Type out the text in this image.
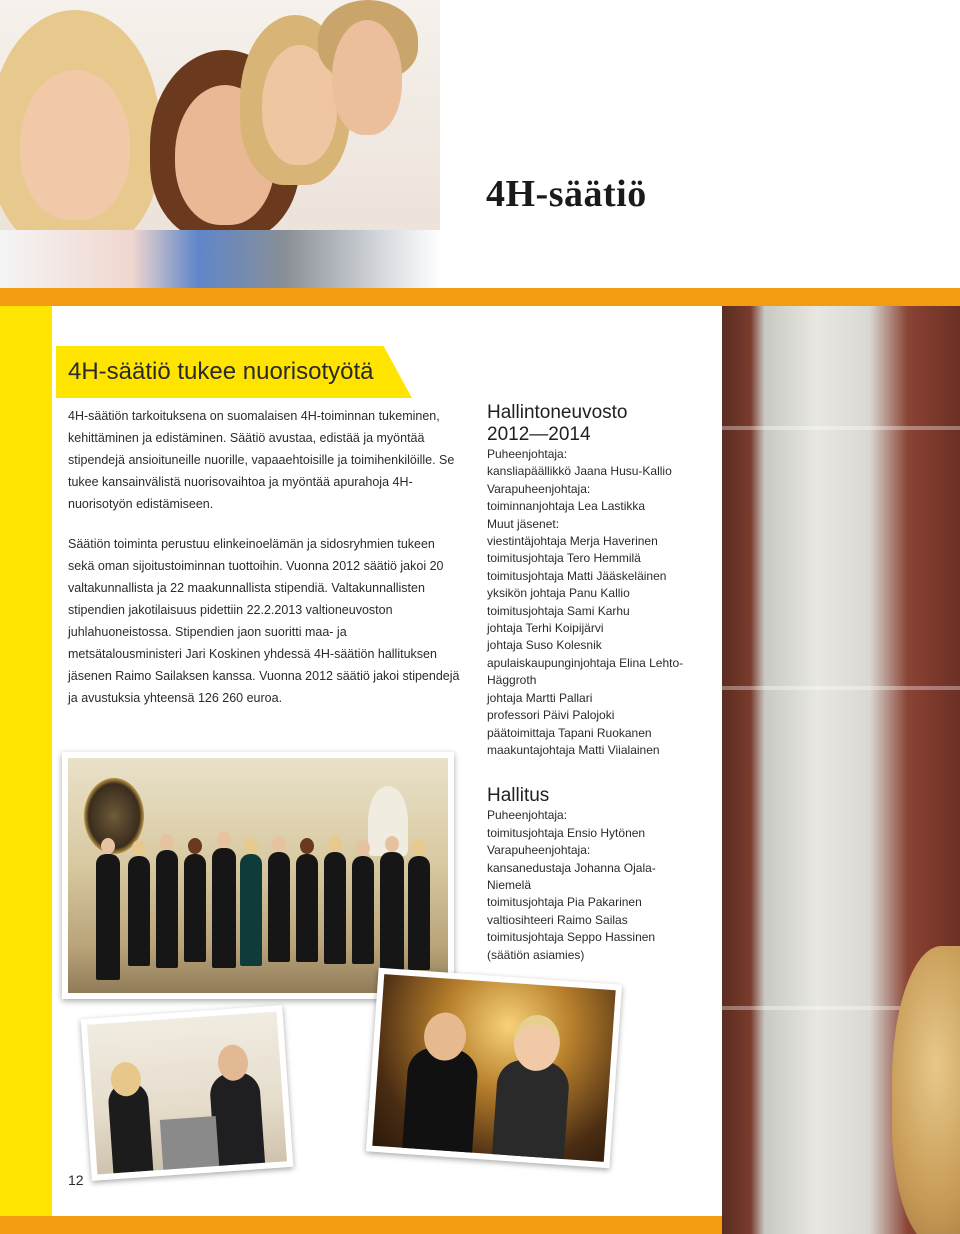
4H-säätiö
4H-säätiö tukee nuorisotyötä

4H-säätiön tarkoituksena on suomalaisen 4H-toiminnan tukeminen, kehittäminen ja edistäminen. Säätiö avustaa, edistää ja myöntää stipendejä ansioituneille nuorille, vapaaehtoisille ja toimihenkilöille. Se tukee kansainvälistä nuorisovaihtoa ja myöntää apurahoja 4H-nuorisotyön edistämiseen.

Säätiön toiminta perustuu elinkeinoelämän ja sidosryhmien tukeen sekä oman sijoitustoiminnan tuottoihin. Vuonna 2012 säätiö jakoi 20 valtakunnallista ja 22 maakunnallista stipendiä. Valtakunnallisten stipendien jakotilaisuus pidettiin 22.2.2013 valtioneuvoston juhlahuoneistossa. Stipendien jaon suoritti maa- ja metsätalousministeri Jari Koskinen yhdessä 4H-säätiön hallituksen jäsenen Raimo Sailaksen kanssa. Vuonna 2012 säätiö jakoi stipendejä ja avustuksia yhteensä 126 260 euroa.

Hallintoneuvosto
2012—2014
Puheenjohtaja:
kansliapäällikkö Jaana Husu-Kallio
Varapuheenjohtaja:
toiminnanjohtaja Lea Lastikka
Muut jäsenet:
viestintäjohtaja Merja Haverinen
toimitusjohtaja Tero Hemmilä
toimitusjohtaja Matti Jääskeläinen
yksikön johtaja Panu Kallio
toimitusjohtaja Sami Karhu
johtaja Terhi Koipijärvi
johtaja Suso Kolesnik
apulaiskaupunginjohtaja Elina Lehto-
Häggroth
johtaja Martti Pallari
professori Päivi Palojoki
päätoimittaja Tapani Ruokanen
maakuntajohtaja Matti Viialainen
Hallitus
Puheenjohtaja:
toimitusjohtaja Ensio Hytönen
Varapuheenjohtaja:
kansanedustaja Johanna Ojala-
Niemelä
toimitusjohtaja Pia Pakarinen
valtiosihteeri Raimo Sailas
toimitusjohtaja Seppo Hassinen
(säätiön asiamies)
12
